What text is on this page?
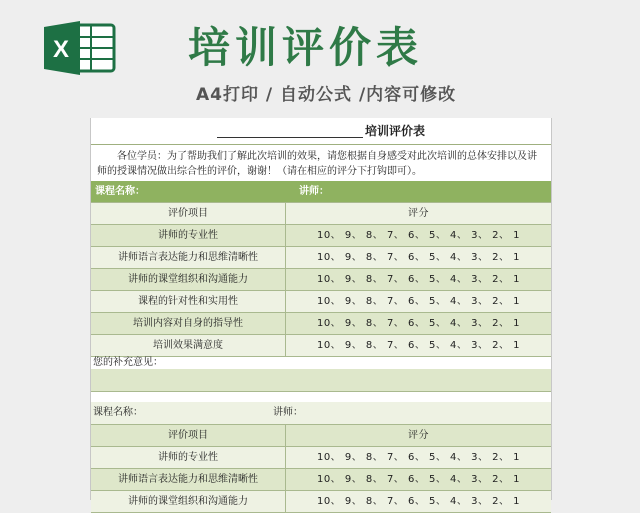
X	培训评价表
A4打印 / 自动公式 /内容可修改
培训评价表
各位学员：为了帮助我们了解此次培训的效果，请您根据自身感受对此次培训的总体安排以及讲师的授课情况做出综合性的评价，谢谢！（请在相应的评分下打钩即可）。
课程名称：	讲师：
评价项目	评分
讲师的专业性	10、 9、 8、 7、 6、 5、 4、 3、 2、 1
讲师语言表达能力和思维清晰性	10、 9、 8、 7、 6、 5、 4、 3、 2、 1
讲师的课堂组织和沟通能力	10、 9、 8、 7、 6、 5、 4、 3、 2、 1
课程的针对性和实用性	10、 9、 8、 7、 6、 5、 4、 3、 2、 1
培训内容对自身的指导性	10、 9、 8、 7、 6、 5、 4、 3、 2、 1
培训效果满意度	10、 9、 8、 7、 6、 5、 4、 3、 2、 1
您的补充意见：
课程名称：	讲师：
评价项目	评分
讲师的专业性	10、 9、 8、 7、 6、 5、 4、 3、 2、 1
讲师语言表达能力和思维清晰性	10、 9、 8、 7、 6、 5、 4、 3、 2、 1
讲师的课堂组织和沟通能力	10、 9、 8、 7、 6、 5、 4、 3、 2、 1
